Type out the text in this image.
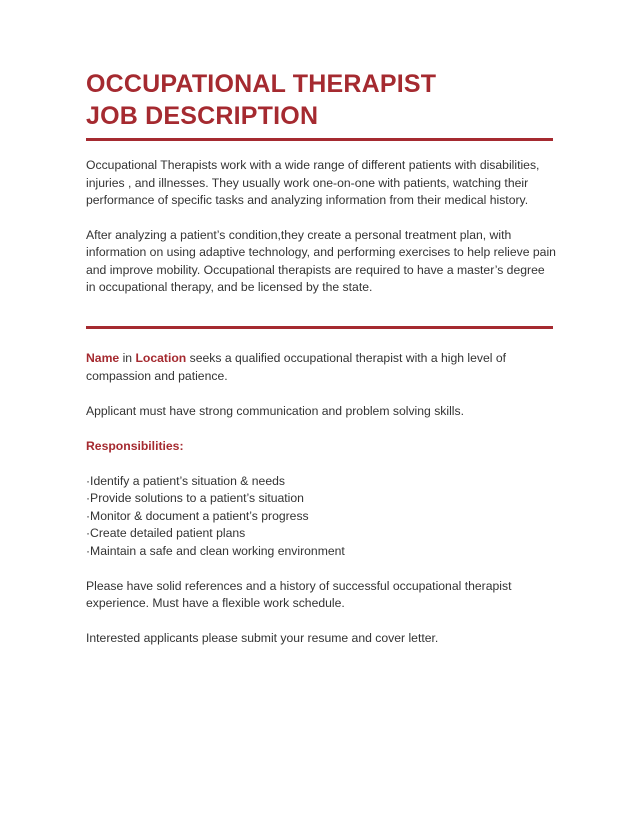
OCCUPATIONAL THERAPIST
JOB DESCRIPTION

Occupational Therapists work with a wide range of different patients with disabilities, injuries , and illnesses. They usually work one-on-one with patients, watching their performance of specific tasks and analyzing information from their medical history.

After analyzing a patient’s condition,they create a personal treatment plan, with information on using adaptive technology, and performing exercises to help relieve pain and improve mobility. Occupational therapists are required to have a master’s degree in occupational therapy, and be licensed by the state.

Name in Location seeks a qualified occupational therapist with a high level of compassion and patience.

Applicant must have strong communication and problem solving skills.

Responsibilities:

·Identify a patient’s situation & needs
·Provide solutions to a patient’s situation
·Monitor & document a patient’s progress
·Create detailed patient plans
·Maintain a safe and clean working environment

Please have solid references and a history of successful occupational therapist experience. Must have a flexible work schedule.

Interested applicants please submit your resume and cover letter.
